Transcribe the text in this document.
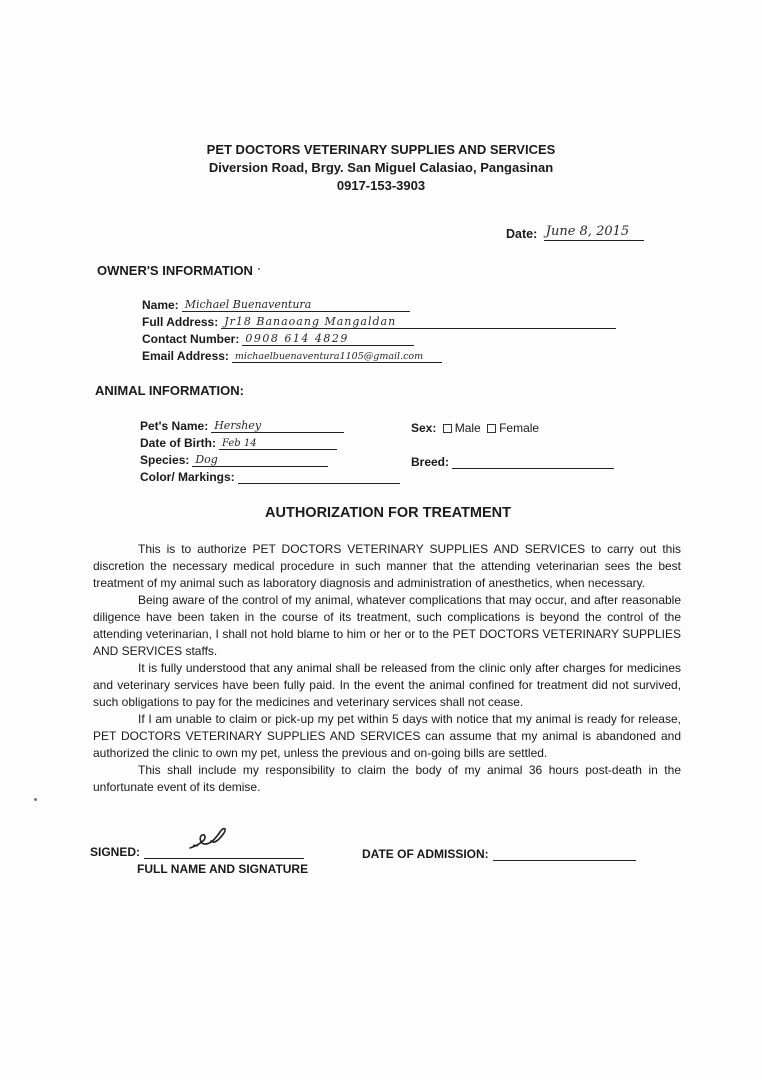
PET DOCTORS VETERINARY SUPPLIES AND SERVICES
Diversion Road, Brgy. San Miguel Calasiao, Pangasinan
0917-153-3903
Date: June 8, 2015
OWNER'S INFORMATION
Name: Michael Buenaventura
Full Address: Jr18 Banaoang Mangaldan
Contact Number: 0908 614 4829
Email Address: michaelbuenaventura1105@gmail.com
ANIMAL INFORMATION:
Pet's Name: Hershey
Date of Birth: Feb 14
Species: Dog
Color/ Markings:
Sex: Male Female
Breed:
AUTHORIZATION FOR TREATMENT

This is to authorize PET DOCTORS VETERINARY SUPPLIES AND SERVICES to carry out this discretion the necessary medical procedure in such manner that the attending veterinarian sees the best treatment of my animal such as laboratory diagnosis and administration of anesthetics, when necessary.

Being aware of the control of my animal, whatever complications that may occur, and after reasonable diligence have been taken in the course of its treatment, such complications is beyond the control of the attending veterinarian, I shall not hold blame to him or her or to the PET DOCTORS VETERINARY SUPPLIES AND SERVICES staffs.

It is fully understood that any animal shall be released from the clinic only after charges for medicines and veterinary services have been fully paid. In the event the animal confined for treatment did not survived, such obligations to pay for the medicines and veterinary services shall not cease.

If I am unable to claim or pick-up my pet within 5 days with notice that my animal is ready for release, PET DOCTORS VETERINARY SUPPLIES AND SERVICES can assume that my animal is abandoned and authorized the clinic to own my pet, unless the previous and on-going bills are settled.

This shall include my responsibility to claim the body of my animal 36 hours post-death in the unfortunate event of its demise.

SIGNED:
FULL NAME AND SIGNATURE
DATE OF ADMISSION:
